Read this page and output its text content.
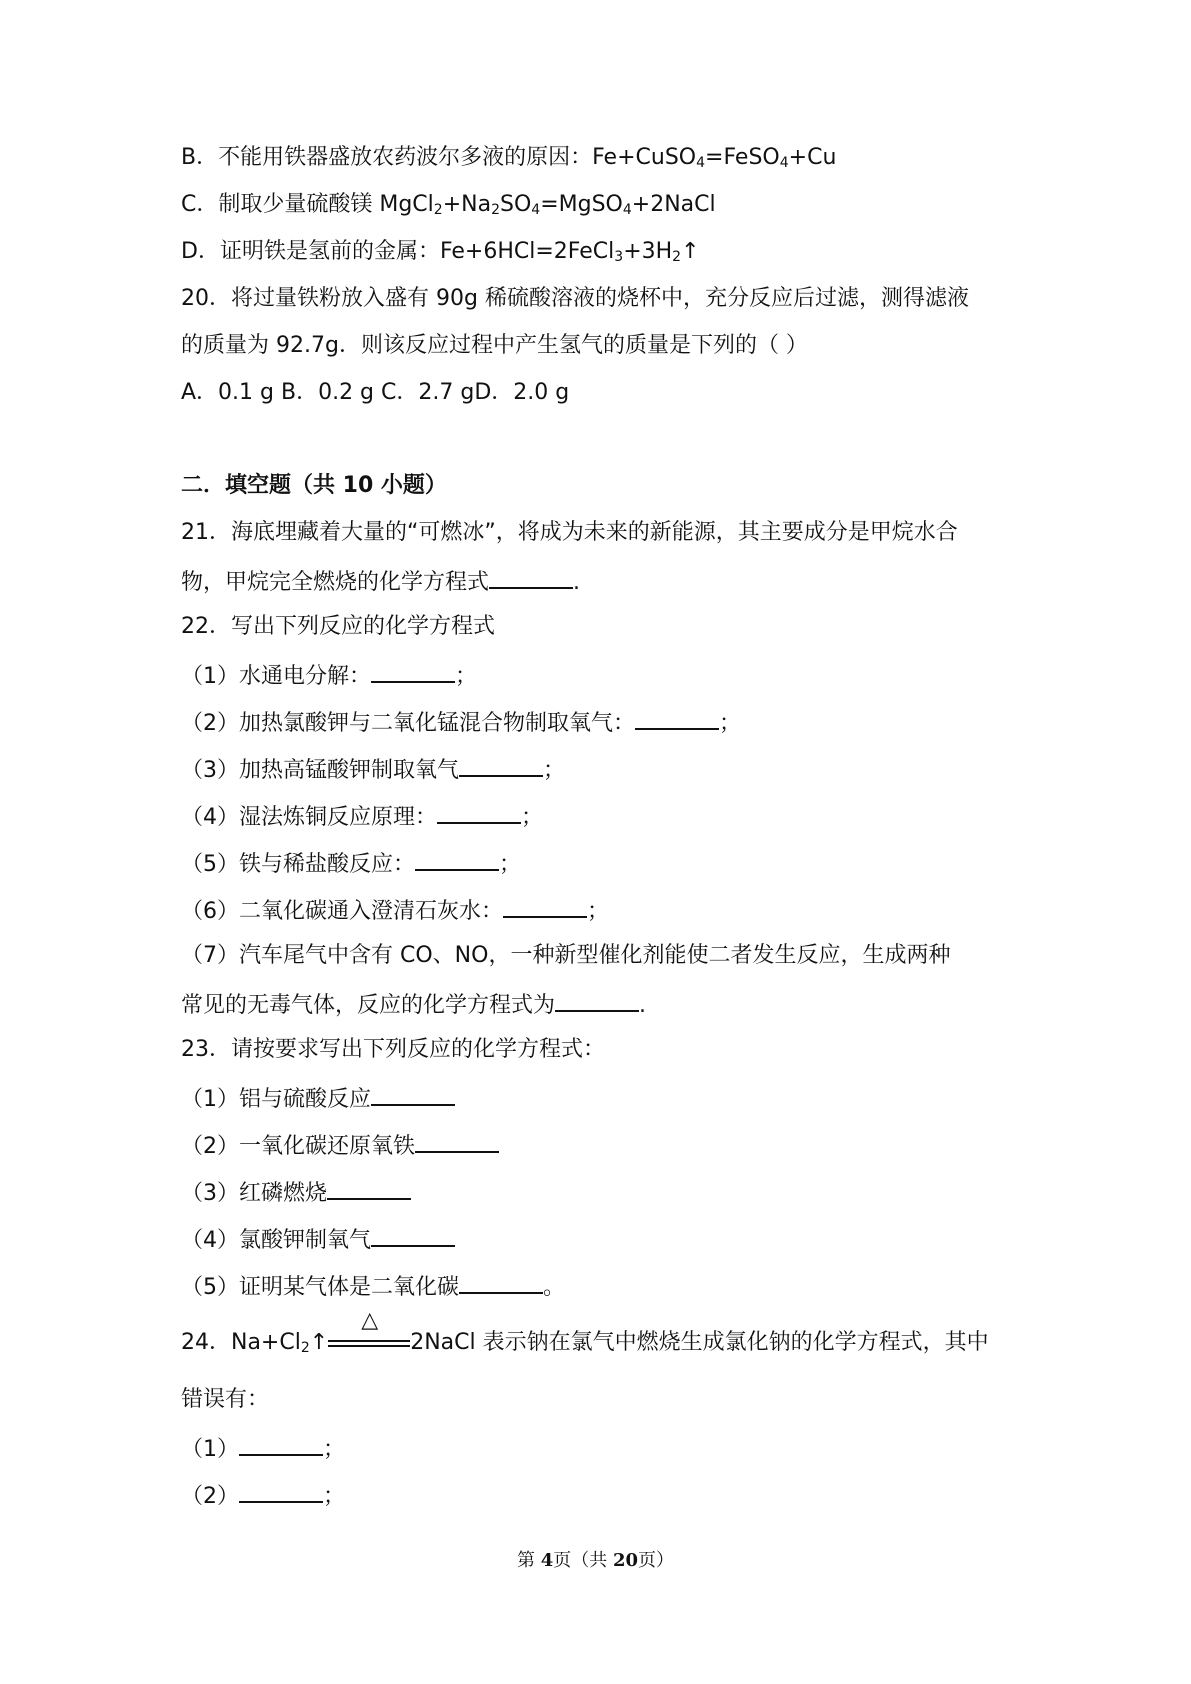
B．不能用铁器盛放农药波尔多液的原因：Fe+CuSO$_4$=FeSO$_4$+Cu
C．制取少量硫酸镁 $MgCl_2+Na_2SO_4=MgSO_4+2NaCl$
D．证明铁是氢前的金属：$Fe+6HCl=2FeCl_3+3H_2↑$
20．将过量铁粉放入盛有 90g 稀硫酸溶液的烧杯中，充分反应后过滤，测得滤液
的质量为 92.7g．则该反应过程中产生氢气的质量是下列的（ ）
A．0.1 g B．0.2 g C．2.7 gD．2.0 g
二．填空题（共 10 小题）
21．海底埋藏着大量的“可燃冰”，将成为未来的新能源，其主要成分是甲烷水合
物，甲烷完全燃烧的化学方程式	.
22．写出下列反应的化学方程式
（1）水通电分解：	；
（2）加热氯酸钾与二氧化锰混合物制取氧气：	；
（3）加热高锰酸钾制取氧气	；
（4）湿法炼铜反应原理：	；
（5）铁与稀盐酸反应：	；
（6）二氧化碳通入澄清石灰水：	；
（7）汽车尾气中含有 CO、NO，一种新型催化剂能使二者发生反应，生成两种
常见的无毒气体，反应的化学方程式为	.
23．请按要求写出下列反应的化学方程式：
（1）铝与硫酸反应
（2）一氧化碳还原氧铁
（3）红磷燃烧
（4）氯酸钾制氧气
（5）证明某气体是二氧化碳	。
24．$Na+Cl_2↑$
△
2NaCl 表示钠在氯气中燃烧生成氯化钠的化学方程式，其中
错误有：
（1）	；
（2）	；
第 4页（共 20页）
